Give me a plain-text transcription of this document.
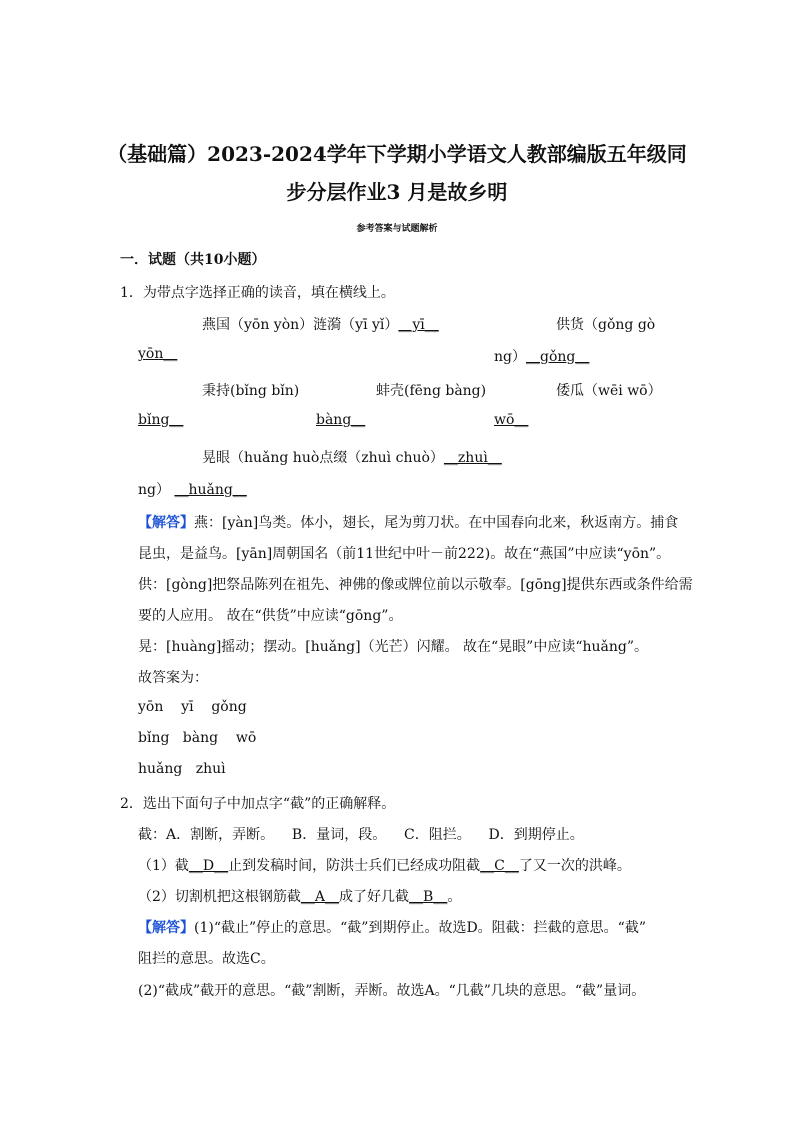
（基础篇）2023-2024学年下学期小学语文人教部编版五年级同
步分层作业3 月是故乡明
参考答案与试题解析
一．试题（共10小题）
1．为带点字选择正确的读音，填在横线上。
燕国（yōn yòn）涟漪（yī yǐ）__yī__	供货（gǒng gò
yōn__	ng）__gǒng__
秉持(bǐng bǐn)	蚌壳(fēng bàng)	倭瓜（wēi wō）
bǐng__	bàng__	wō__
晃眼（huǎng huò点缀（zhuì chuò）__zhuì__
ng） __huǎng__
【解答】燕：[yàn]鸟类。体小，翅长，尾为剪刀状。在中国春向北来，秋返南方。捕食
昆虫，是益鸟。[yān]周朝国名（前11世纪中叶－前222)。故在“燕国”中应读“yōn”。
供：[gòng]把祭品陈列在祖先、神佛的像或牌位前以示敬奉。[gōng]提供东西或条件给需
要的人应用。 故在“供货”中应读“gōng”。
晃：[huàng]摇动；摆动。[huǎng]（光芒）闪耀。 故在“晃眼”中应读“huǎng”。
故答案为：
yōn    yī    gǒng
bǐng   bàng    wō
huǎng   zhuì
2．选出下面句子中加点字“截”的正确解释。
截：A．割断，弄断。    B．量词，段。    C．阻拦。    D．到期停止。
（1）截__D__止到发稿时间，防洪士兵们已经成功阻截__C__了又一次的洪峰。
（2）切割机把这根钢筋截__A__成了好几截__B__。
【解答】(1)“截止”停止的意思。“截”到期停止。故选D。阻截：拦截的意思。“截”
阻拦的意思。故选C。
(2)“截成”截开的意思。“截”割断，弄断。故选A。“几截”几块的意思。“截”量词。
